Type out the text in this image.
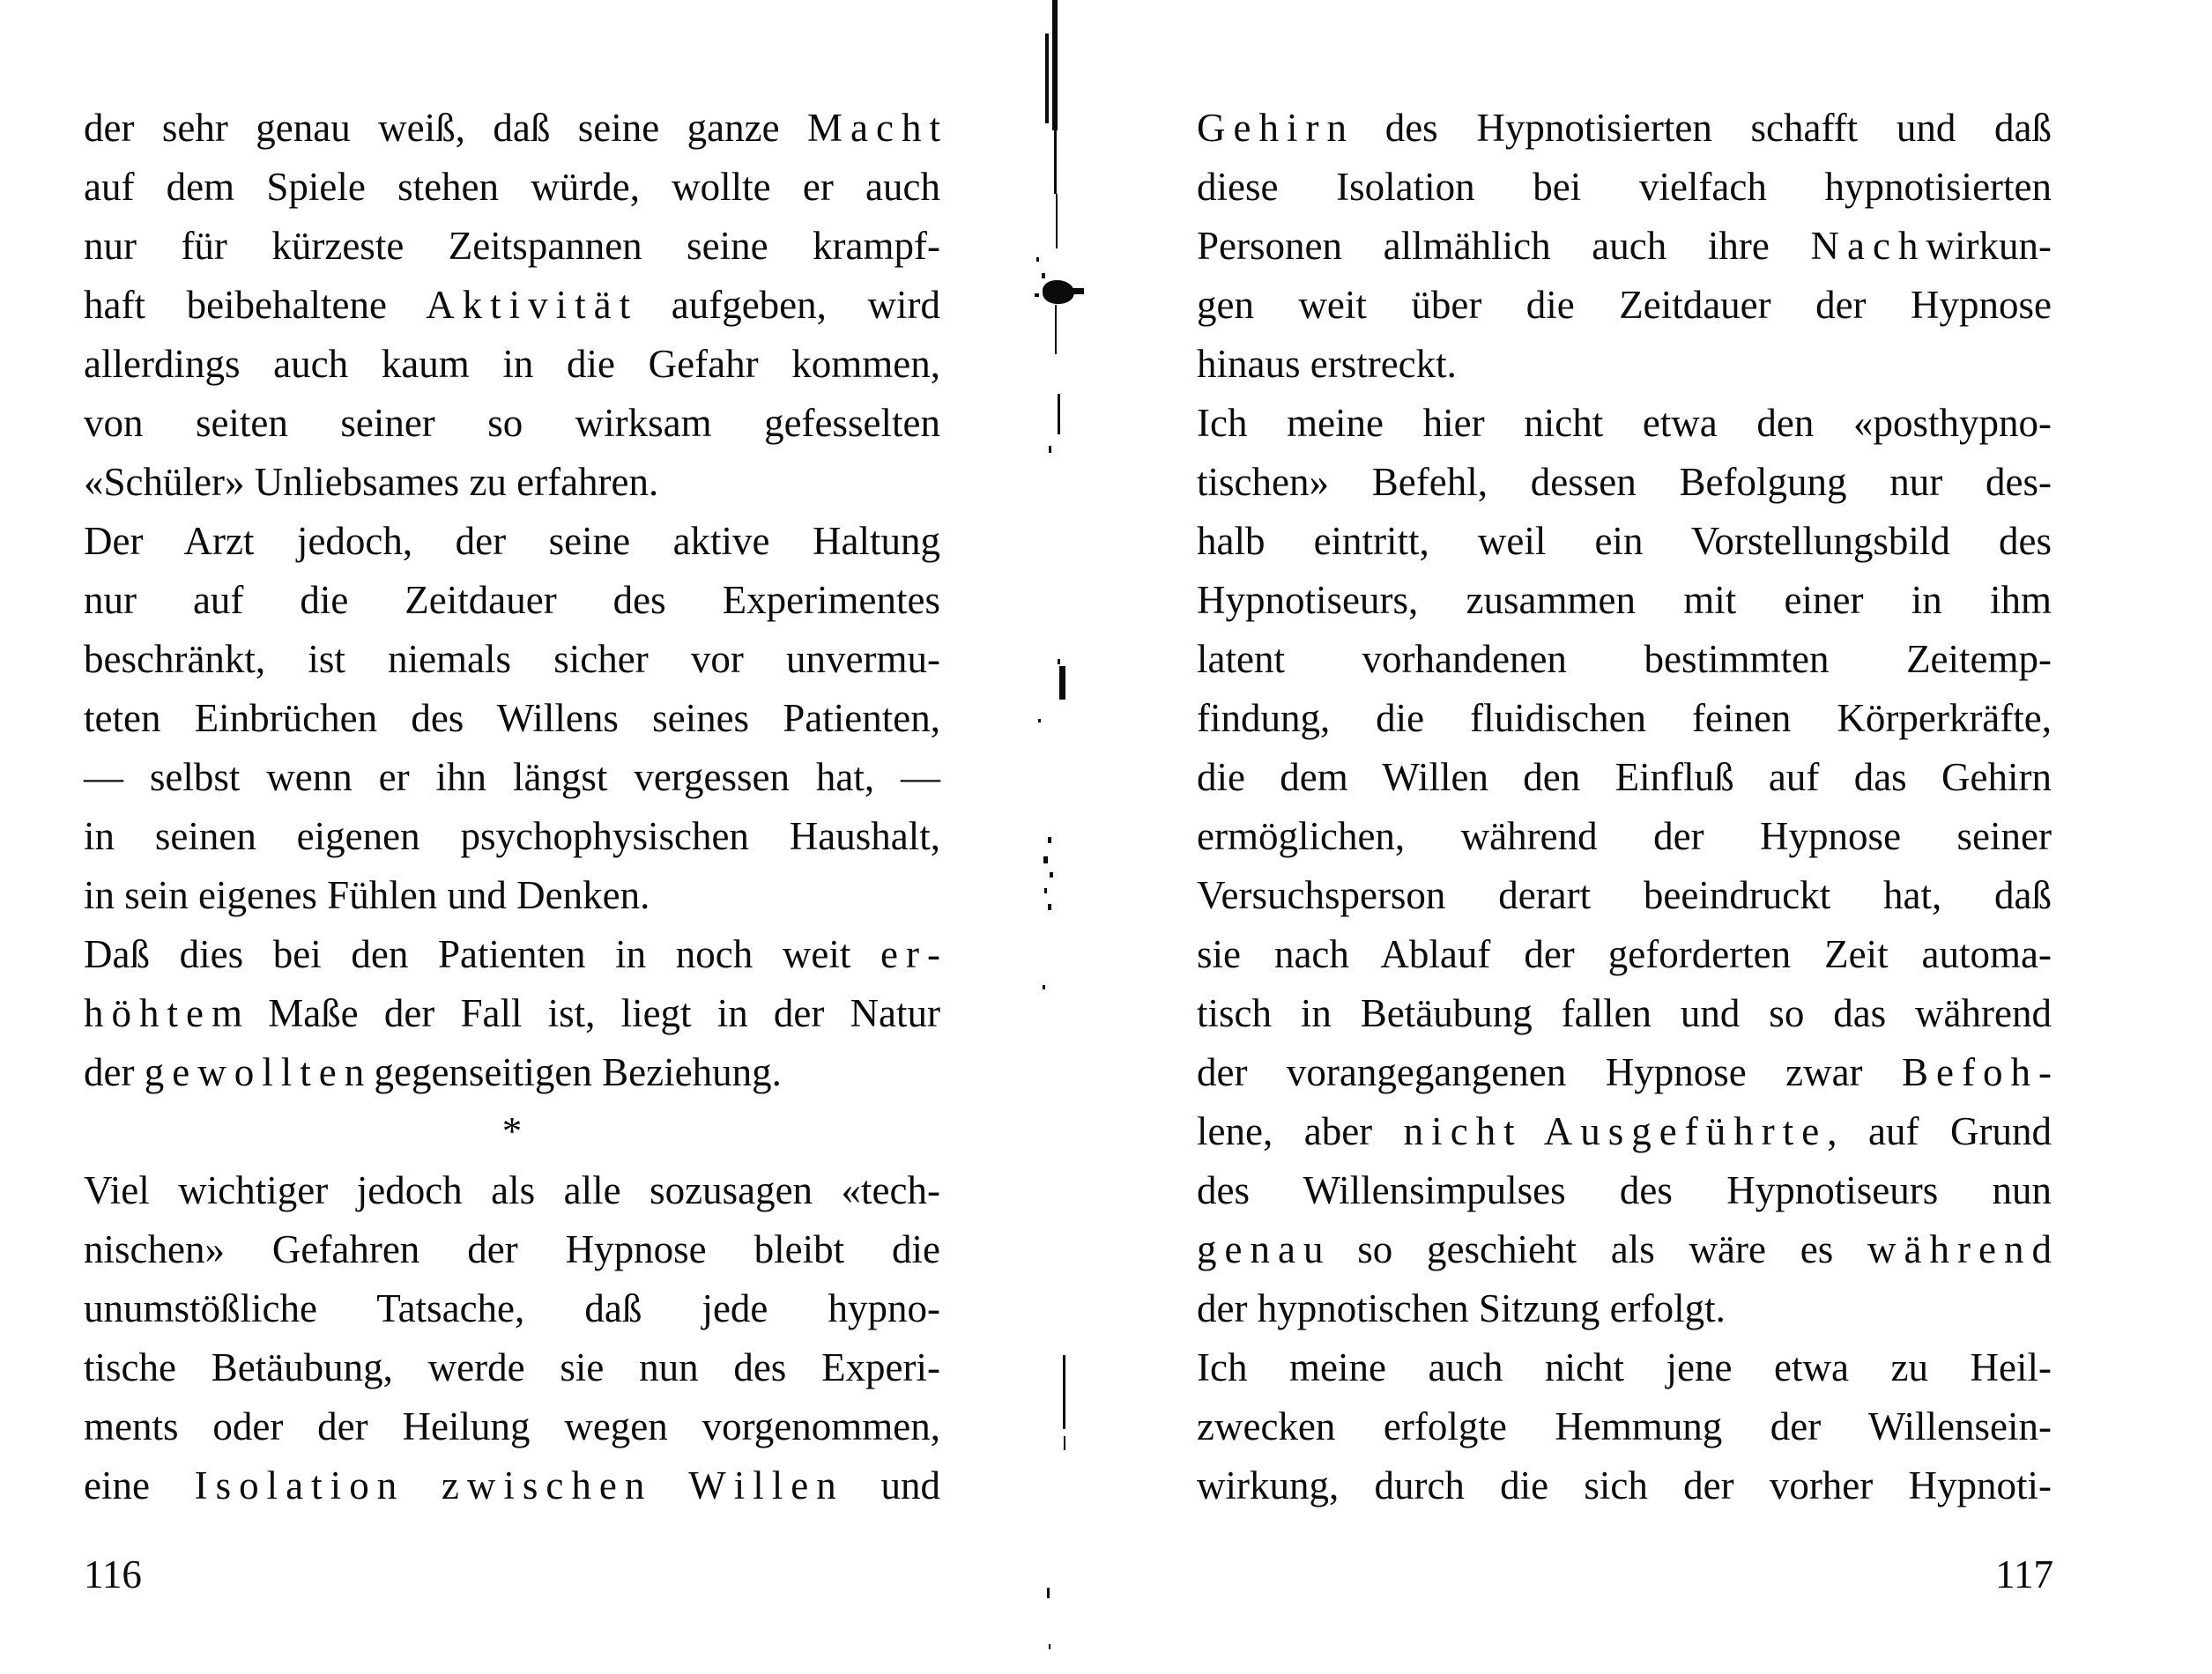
der sehr genau weiß, daß seine ganze M a c h t
auf dem Spiele stehen würde, wollte er auch
nur für kürzeste Zeitspannen seine krampf-
haft beibehaltene A k t i v i t ä t aufgeben, wird
allerdings auch kaum in die Gefahr kommen,
von seiten seiner so wirksam gefesselten
«Schüler» Unliebsames zu erfahren.
Der Arzt jedoch, der seine aktive Haltung
nur auf die Zeitdauer des Experimentes
beschränkt, ist niemals sicher vor unvermu-
teten Einbrüchen des Willens seines Patienten,
— selbst wenn er ihn längst vergessen hat, —
in seinen eigenen psychophysischen Haushalt,
in sein eigenes Fühlen und Denken.
Daß dies bei den Patienten in noch weit e r -
h ö h t e m Maße der Fall ist, liegt in der Natur
der g e w o l l t e n gegenseitigen Beziehung.
*
Viel wichtiger jedoch als alle sozusagen «tech-
nischen» Gefahren der Hypnose bleibt die
unumstößliche Tatsache, daß jede hypno-
tische Betäubung, werde sie nun des Experi-
ments oder der Heilung wegen vorgenommen,
eine I s o l a t i o n z w i s c h e n W i l l e n und
116
G e h i r n des Hypnotisierten schafft und daß
diese Isolation bei vielfach hypnotisierten
Personen allmählich auch ihre N a c h wirkun-
gen weit über die Zeitdauer der Hypnose
hinaus erstreckt.
Ich meine hier nicht etwa den «posthypno-
tischen» Befehl, dessen Befolgung nur des-
halb eintritt, weil ein Vorstellungsbild des
Hypnotiseurs, zusammen mit einer in ihm
latent vorhandenen bestimmten Zeitemp-
findung, die fluidischen feinen Körperkräfte,
die dem Willen den Einfluß auf das Gehirn
ermöglichen, während der Hypnose seiner
Versuchsperson derart beeindruckt hat, daß
sie nach Ablauf der geforderten Zeit automa-
tisch in Betäubung fallen und so das während
der vorangegangenen Hypnose zwar B e f o h -
lene, aber n i c h t A u s g e f ü h r t e , auf Grund
des Willensimpulses des Hypnotiseurs nun
g e n a u so geschieht als wäre es w ä h r e n d
der hypnotischen Sitzung erfolgt.
Ich meine auch nicht jene etwa zu Heil-
zwecken erfolgte Hemmung der Willensein-
wirkung, durch die sich der vorher Hypnoti-
117
